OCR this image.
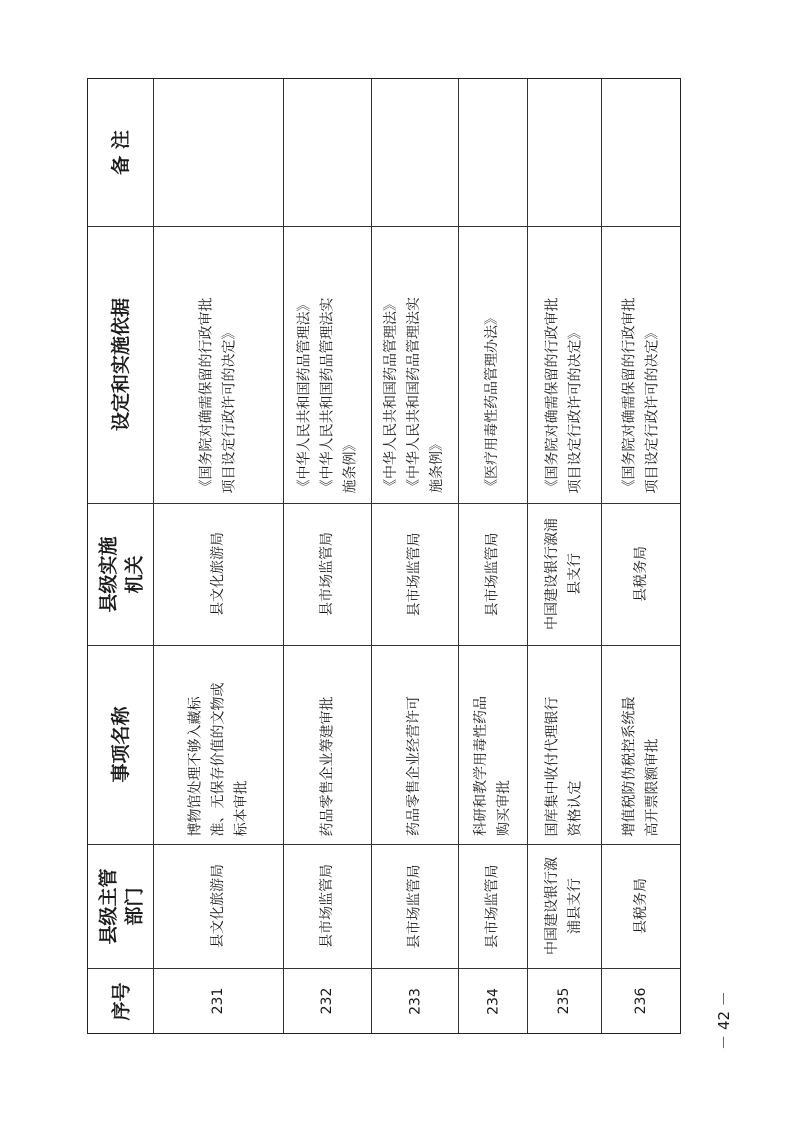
备 注
设定和实施依据
县级实施
机关
事项名称
县级主管
部门
序号
《国务院对确需保留的行政审批
项目设定行政许可的决定》
县文化旅游局
博物馆处理不够入藏标
准、无保存价值的文物或
标本审批
县文化旅游局
231
《中华人民共和国药品管理法》
《中华人民共和国药品管理法实
施条例》
县市场监管局
药品零售企业筹建审批
县市场监管局
232
《中华人民共和国药品管理法》
《中华人民共和国药品管理法实
施条例》
县市场监管局
药品零售企业经营许可
县市场监管局
233
《医疗用毒性药品管理办法》
县市场监管局
科研和教学用毒性药品
购买审批
县市场监管局
234
《国务院对确需保留的行政审批
项目设定行政许可的决定》
中国建设银行溆浦
县支行
国库集中收付代理银行
资格认定
中国建设银行溆
浦县支行
235
《国务院对确需保留的行政审批
项目设定行政许可的决定》
县税务局
增值税防伪税控系统最
高开票限额审批
县税务局
236	－ 42 －
